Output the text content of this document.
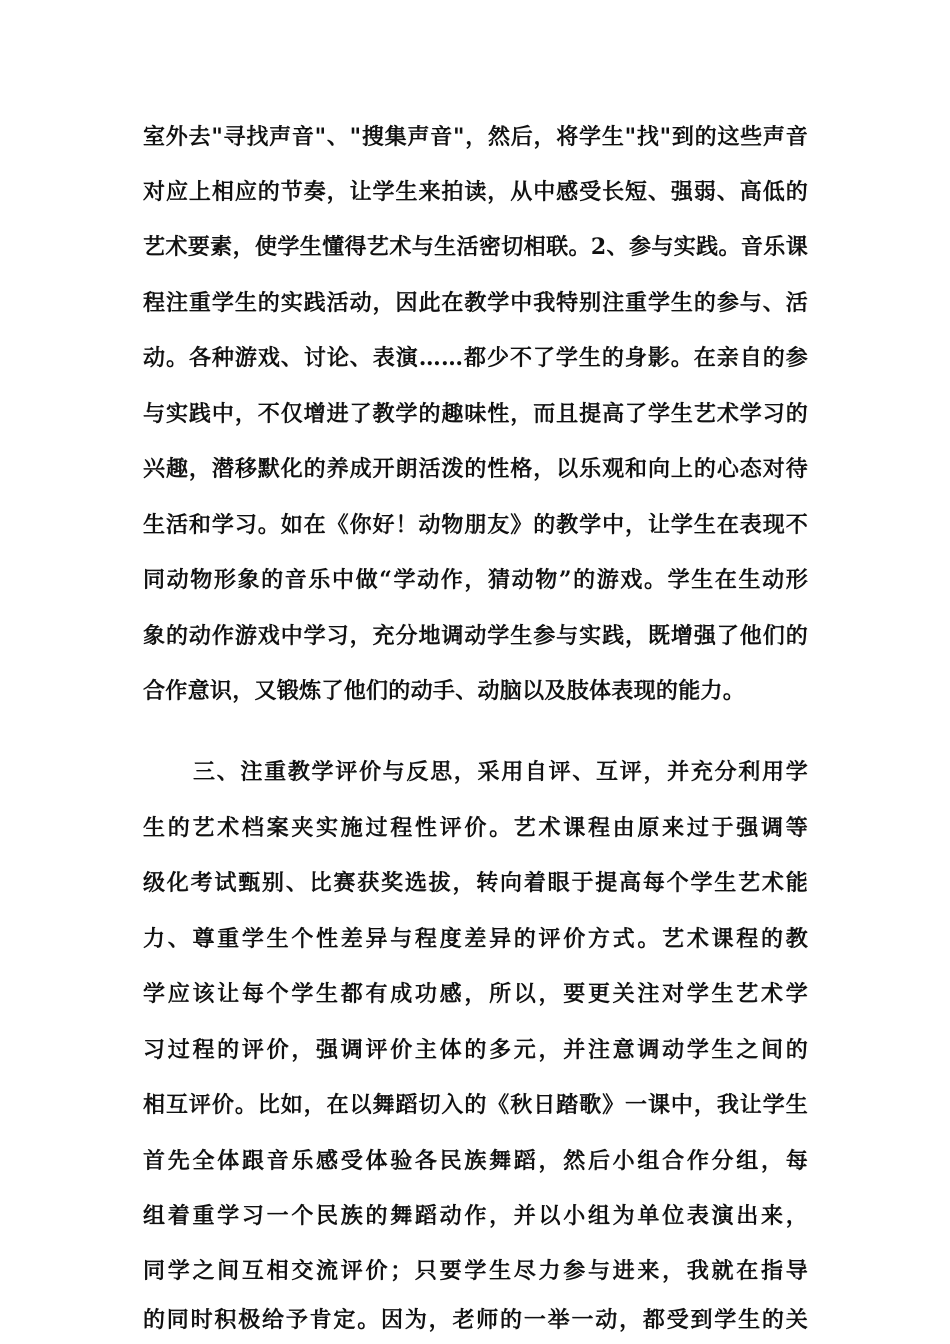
室外去"寻找声音"、"搜集声音"，然后，将学生"找"到的这些声音
对应上相应的节奏，让学生来拍读，从中感受长短、强弱、高低的
艺术要素，使学生懂得艺术与生活密切相联。2、参与实践。音乐课
程注重学生的实践活动，因此在教学中我特别注重学生的参与、活
动。各种游戏、讨论、表演……都少不了学生的身影。在亲自的参
与实践中，不仅增进了教学的趣味性，而且提高了学生艺术学习的
兴趣，潜移默化的养成开朗活泼的性格，以乐观和向上的心态对待
生活和学习。如在《你好！动物朋友》的教学中，让学生在表现不
同动物形象的音乐中做“学动作，猜动物”的游戏。学生在生动形
象的动作游戏中学习，充分地调动学生参与实践，既增强了他们的
合作意识，又锻炼了他们的动手、动脑以及肢体表现的能力。
三、注重教学评价与反思，采用自评、互评，并充分利用学
生的艺术档案夹实施过程性评价。艺术课程由原来过于强调等
级化考试甄别、比赛获奖选拔，转向着眼于提高每个学生艺术能
力、尊重学生个性差异与程度差异的评价方式。艺术课程的教
学应该让每个学生都有成功感，所以，要更关注对学生艺术学
习过程的评价，强调评价主体的多元，并注意调动学生之间的
相互评价。比如，在以舞蹈切入的《秋日踏歌》一课中，我让学生
首先全体跟音乐感受体验各民族舞蹈，然后小组合作分组，每
组着重学习一个民族的舞蹈动作，并以小组为单位表演出来，
同学之间互相交流评价；只要学生尽力参与进来，我就在指导
的同时积极给予肯定。因为，老师的一举一动，都受到学生的关
